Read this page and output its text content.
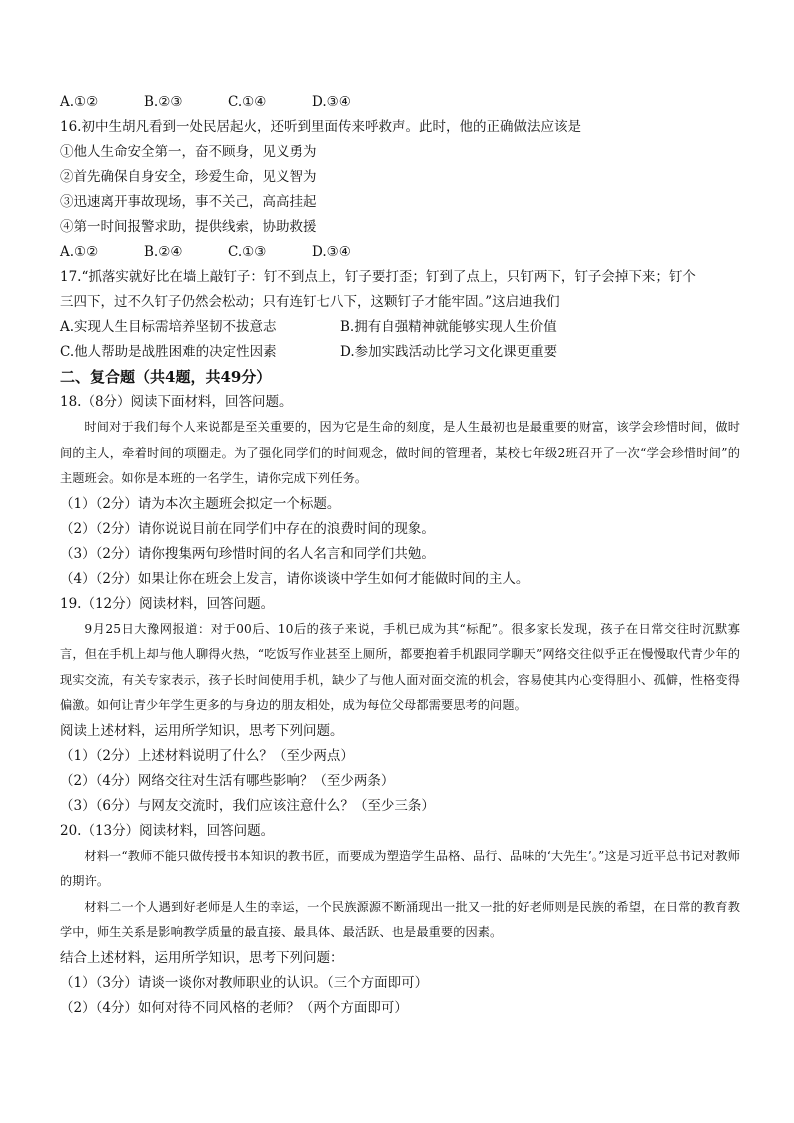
A.①②	B.②③	C.①④	D.③④
16.初中生胡凡看到一处民居起火，还听到里面传来呼救声。此时，他的正确做法应该是
①他人生命安全第一，奋不顾身，见义勇为
②首先确保自身安全，珍爱生命，见义智为
③迅速离开事故现场，事不关己，高高挂起
④第一时间报警求助，提供线索，协助救援
A.①②	B.②④	C.①③	D.③④
17.“抓落实就好比在墙上敲钉子：钉不到点上，钉子要打歪；钉到了点上，只钉两下，钉子会掉下来；钉个
三四下，过不久钉子仍然会松动；只有连钉七八下，这颗钉子才能牢固。”这启迪我们
A.实现人生目标需培养坚韧不拔意志	B.拥有自强精神就能够实现人生价值
C.他人帮助是战胜困难的决定性因素	D.参加实践活动比学习文化课更重要
二、复合题（共4题，共49分）
18.（8分）阅读下面材料，回答问题。
时间对于我们每个人来说都是至关重要的，因为它是生命的刻度，是人生最初也是最重要的财富，该学会珍惜时间，做时间的主人，牵着时间的项圈走。为了强化同学们的时间观念，做时间的管理者，某校七年级2班召开了一次“学会珍惜时间”的主题班会。如你是本班的一名学生，请你完成下列任务。
（1）（2分）请为本次主题班会拟定一个标题。
（2）（2分）请你说说目前在同学们中存在的浪费时间的现象。
（3）（2分）请你搜集两句珍惜时间的名人名言和同学们共勉。
（4）（2分）如果让你在班会上发言，请你谈谈中学生如何才能做时间的主人。
19.（12分）阅读材料，回答问题。
9月25日大豫网报道：对于00后、10后的孩子来说，手机已成为其“标配”。很多家长发现，孩子在日常交往时沉默寡言，但在手机上却与他人聊得火热，“吃饭写作业甚至上厕所，都要抱着手机跟同学聊天”网络交往似乎正在慢慢取代青少年的现实交流，有关专家表示，孩子长时间使用手机，缺少了与他人面对面交流的机会，容易使其内心变得胆小、孤僻，性格变得偏激。如何让青少年学生更多的与身边的朋友相处，成为每位父母都需要思考的问题。
阅读上述材料，运用所学知识，思考下列问题。
（1）（2分）上述材料说明了什么？（至少两点）
（2）（4分）网络交往对生活有哪些影响？（至少两条）
（3）（6分）与网友交流时，我们应该注意什么？（至少三条）
20.（13分）阅读材料，回答问题。
材料一“教师不能只做传授书本知识的教书匠，而要成为塑造学生品格、品行、品味的‘大先生’。”这是习近平总书记对教师的期许。
材料二一个人遇到好老师是人生的幸运，一个民族源源不断涌现出一批又一批的好老师则是民族的希望，在日常的教育教学中，师生关系是影响教学质量的最直接、最具体、最活跃、也是最重要的因素。
结合上述材料，运用所学知识，思考下列问题：
（1）（3分）请谈一谈你对教师职业的认识。（三个方面即可）
（2）（4分）如何对待不同风格的老师？（两个方面即可）
